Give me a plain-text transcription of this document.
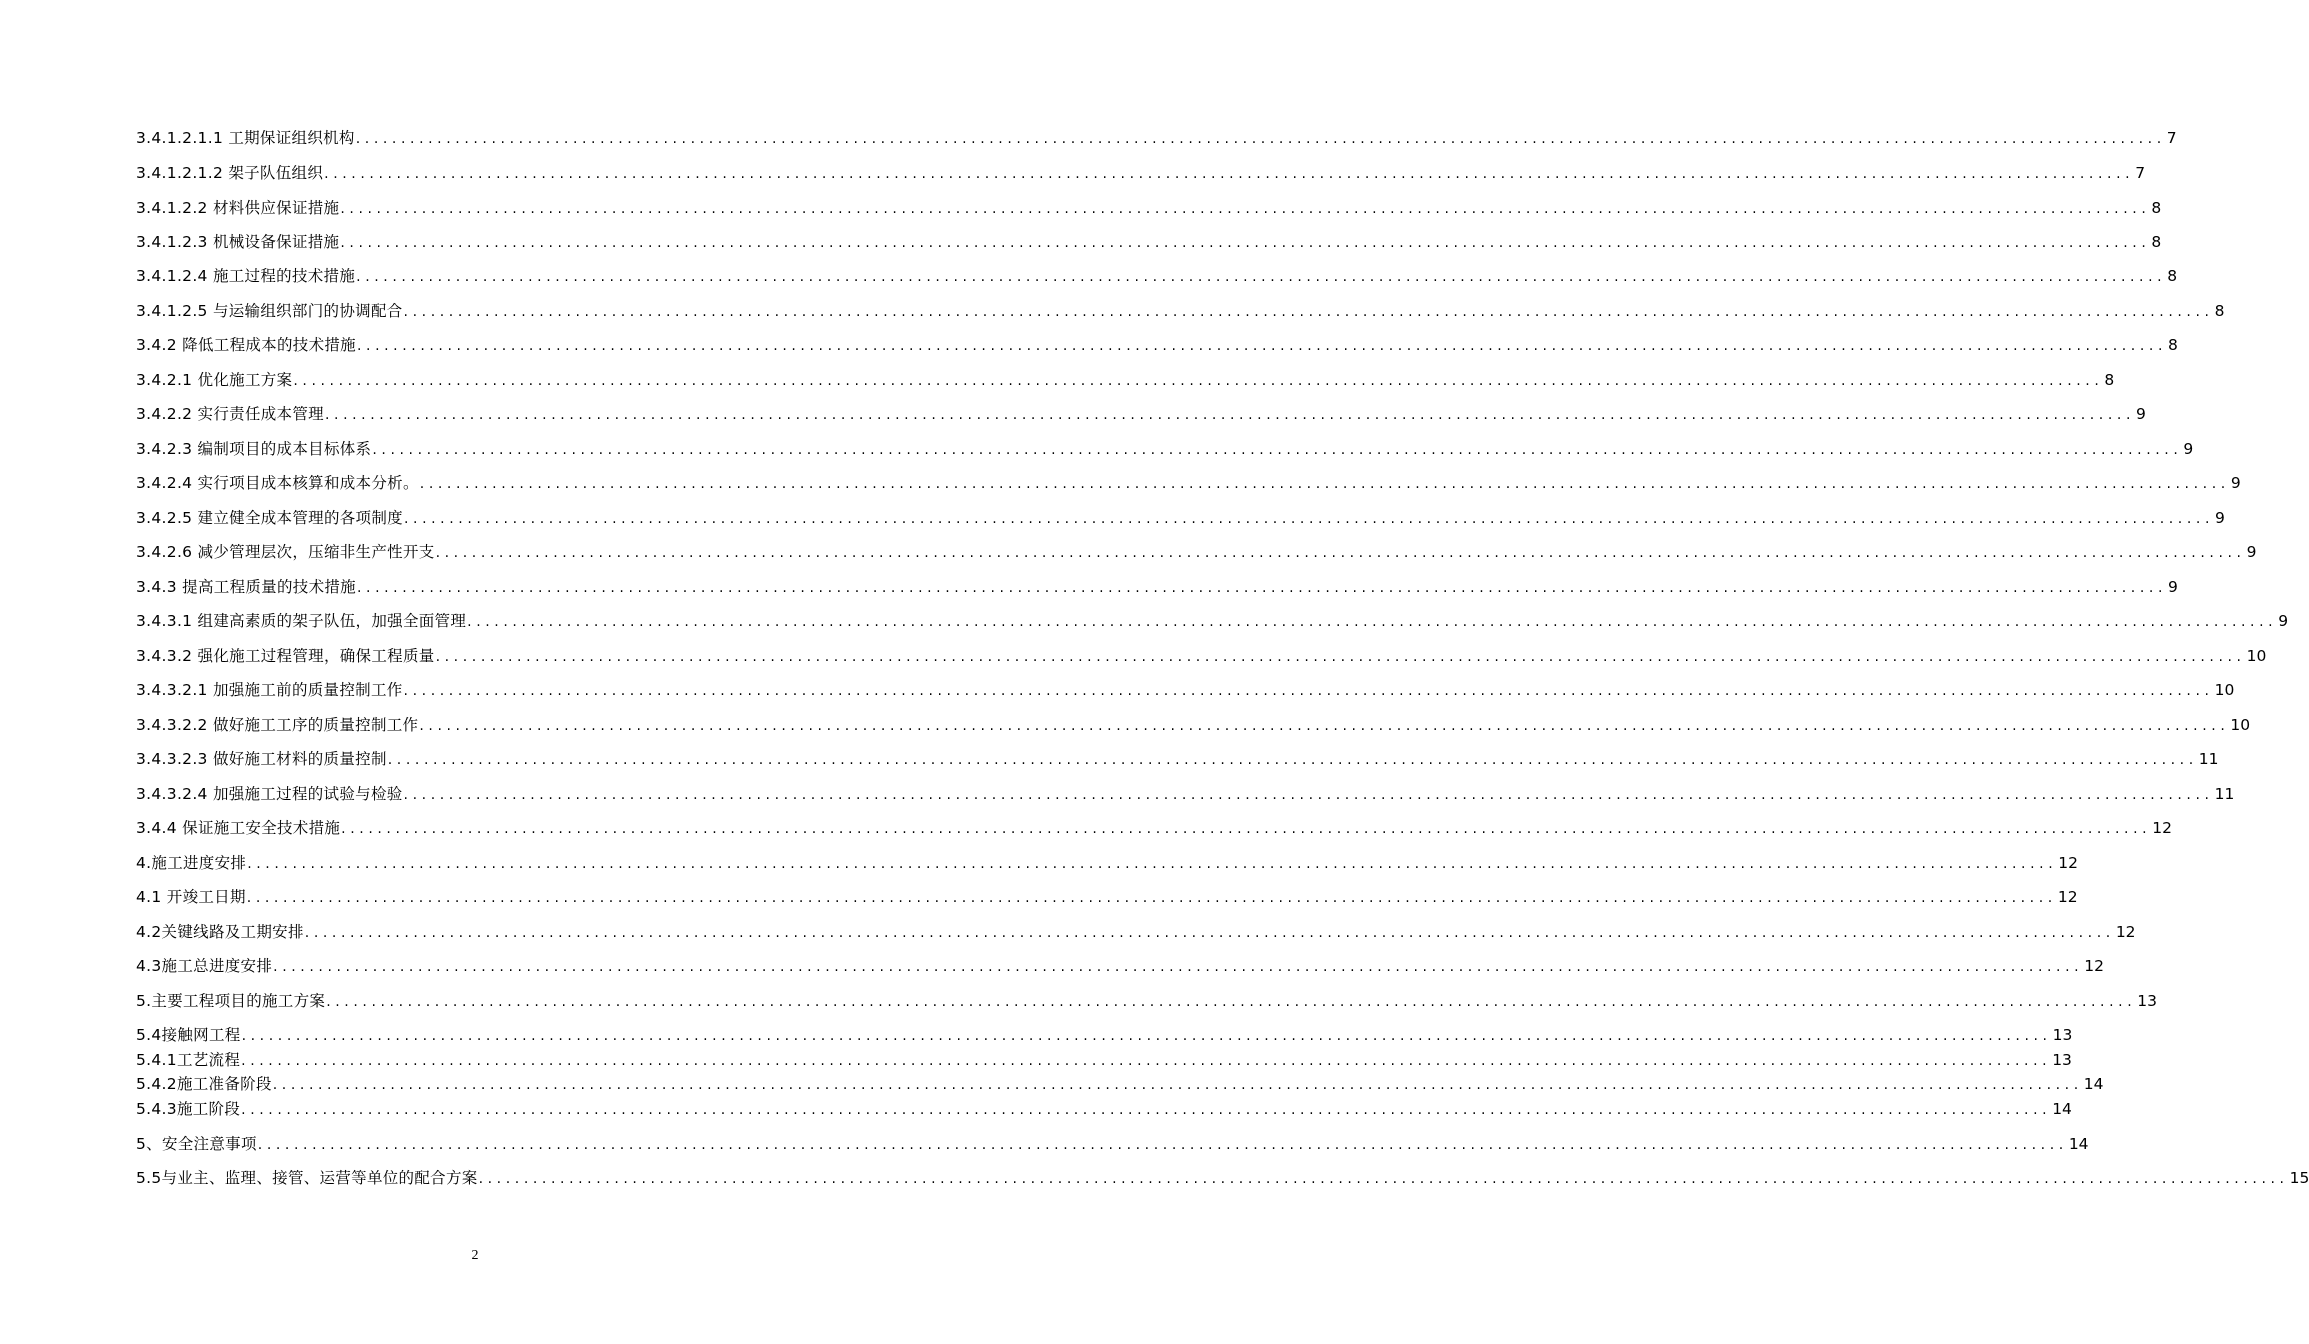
3.4.1.2.1.1 工期保证组织机构 ........................................................................................................................................................................................................ 7
3.4.1.2.1.2 架子队伍组织 ........................................................................................................................................................................................................ 7
3.4.1.2.2 材料供应保证措施 ........................................................................................................................................................................................................ 8
3.4.1.2.3 机械设备保证措施 ........................................................................................................................................................................................................ 8
3.4.1.2.4 施工过程的技术措施 ........................................................................................................................................................................................................ 8
3.4.1.2.5 与运输组织部门的协调配合 ........................................................................................................................................................................................................ 8
3.4.2 降低工程成本的技术措施 ........................................................................................................................................................................................................ 8
3.4.2.1 优化施工方案 ........................................................................................................................................................................................................ 8
3.4.2.2 实行责任成本管理 ........................................................................................................................................................................................................ 9
3.4.2.3 编制项目的成本目标体系 ........................................................................................................................................................................................................ 9
3.4.2.4 实行项目成本核算和成本分析。 ........................................................................................................................................................................................................ 9
3.4.2.5 建立健全成本管理的各项制度 ........................................................................................................................................................................................................ 9
3.4.2.6 减少管理层次，压缩非生产性开支 ........................................................................................................................................................................................................ 9
3.4.3 提高工程质量的技术措施 ........................................................................................................................................................................................................ 9
3.4.3.1 组建高素质的架子队伍，加强全面管理 ........................................................................................................................................................................................................ 9
3.4.3.2 强化施工过程管理，确保工程质量 ........................................................................................................................................................................................................ 10
3.4.3.2.1 加强施工前的质量控制工作 ........................................................................................................................................................................................................ 10
3.4.3.2.2 做好施工工序的质量控制工作 ........................................................................................................................................................................................................ 10
3.4.3.2.3 做好施工材料的质量控制 ........................................................................................................................................................................................................ 11
3.4.3.2.4 加强施工过程的试验与检验 ........................................................................................................................................................................................................ 11
3.4.4 保证施工安全技术措施 ........................................................................................................................................................................................................ 12
4.施工进度安排 ........................................................................................................................................................................................................ 12
4.1 开竣工日期 ........................................................................................................................................................................................................ 12
4.2关键线路及工期安排 ........................................................................................................................................................................................................ 12
4.3施工总进度安排 ........................................................................................................................................................................................................ 12
5.主要工程项目的施工方案 ........................................................................................................................................................................................................ 13
5.4接触网工程 ........................................................................................................................................................................................................ 13
5.4.1工艺流程 ........................................................................................................................................................................................................ 13
5.4.2施工准备阶段 ........................................................................................................................................................................................................ 14
5.4.3施工阶段 ........................................................................................................................................................................................................ 14
5、安全注意事项 ........................................................................................................................................................................................................ 14
5.5与业主、监理、接管、运营等单位的配合方案 ........................................................................................................................................................................................................ 15
2
